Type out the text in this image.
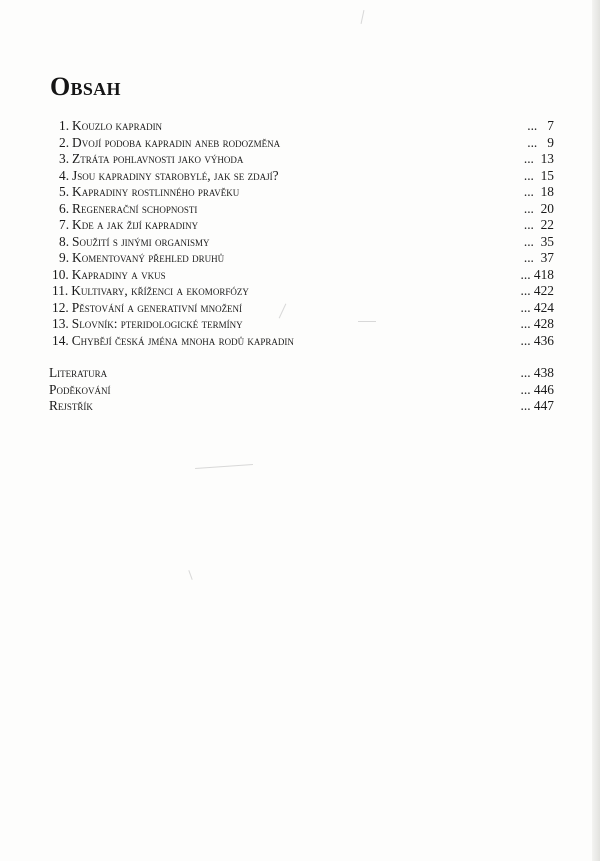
Obsah
1. Kouzlo kapradin	...   7
2. Dvojí podoba kapradin aneb rodozměna	...   9
3. Ztráta pohlavnosti jako výhoda	...  13
4. Jsou kapradiny starobylé, jak se zdají?	...  15
5. Kapradiny rostlinného pravěku	...  18
6. Regenerační schopnosti	...  20
7. Kde a jak žijí kapradiny	...  22
8. Soužití s jinými organismy	...  35
9. Komentovaný přehled druhů	...  37
10. Kapradiny a vkus	... 418
11. Kultivary, kříženci a ekomorfózy	... 422
12. Pěstování a generativní množení	... 424
13. Slovník: pteridologické termíny	... 428
14. Chybějí česká jména mnoha rodů kapradin	... 436
Literatura	... 438
Poděkování	... 446
Rejstřík	... 447
